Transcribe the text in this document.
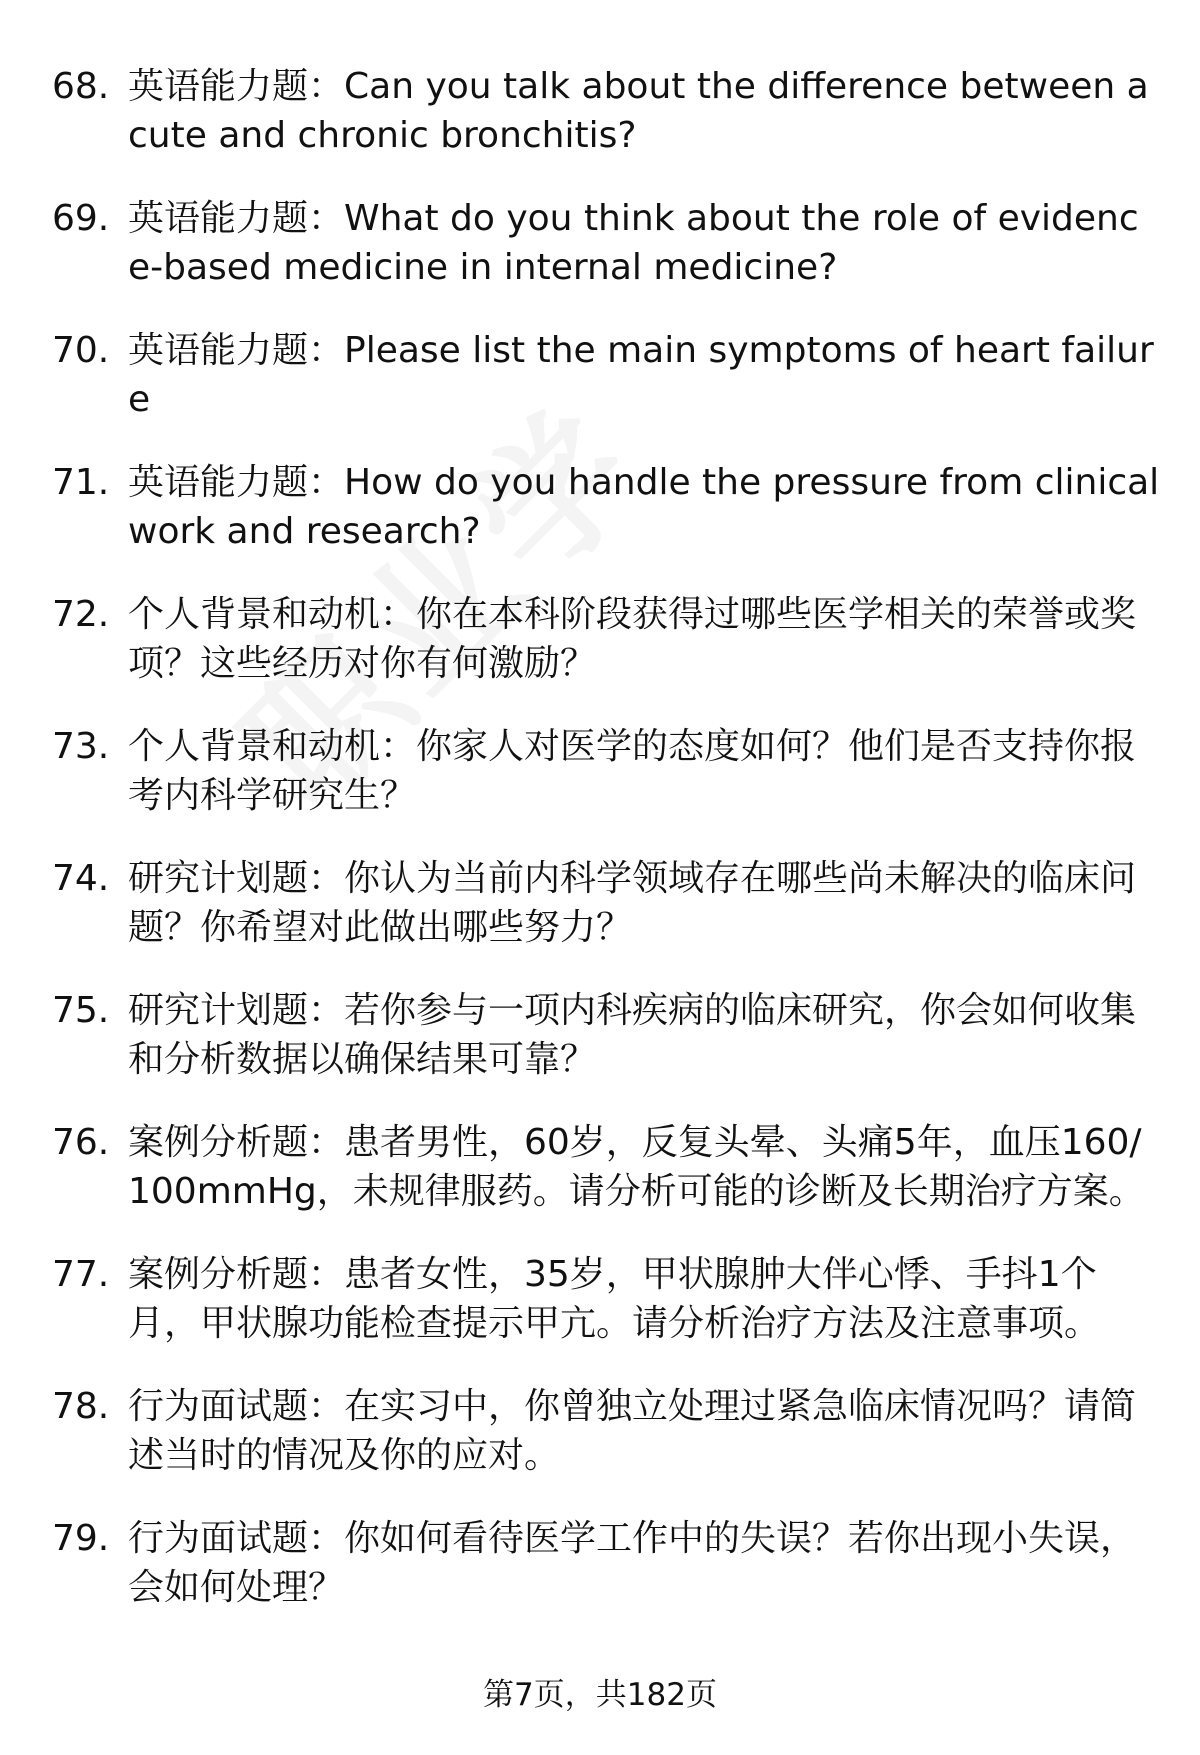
68. 英语能力题：Can you talk about the difference between acute and chronic bronchitis?
69. 英语能力题：What do you think about the role of evidence-based medicine in internal medicine?
70. 英语能力题：Please list the main symptoms of heart failure
71. 英语能力题：How do you handle the pressure from clinical work and research?
72. 个人背景和动机：你在本科阶段获得过哪些医学相关的荣誉或奖项？这些经历对你有何激励？
73. 个人背景和动机：你家人对医学的态度如何？他们是否支持你报考内科学研究生？
74. 研究计划题：你认为当前内科学领域存在哪些尚未解决的临床问题？你希望对此做出哪些努力？
75. 研究计划题：若你参与一项内科疾病的临床研究，你会如何收集和分析数据以确保结果可靠？
76. 案例分析题：患者男性，60岁，反复头晕、头痛5年，血压160/100mmHg，未规律服药。请分析可能的诊断及长期治疗方案。
77. 案例分析题：患者女性，35岁，甲状腺肿大伴心悸、手抖1个月，甲状腺功能检查提示甲亢。请分析治疗方法及注意事项。
78. 行为面试题：在实习中，你曾独立处理过紧急临床情况吗？请简述当时的情况及你的应对。
79. 行为面试题：你如何看待医学工作中的失误？若你出现小失误，会如何处理？
第7页，共182页
